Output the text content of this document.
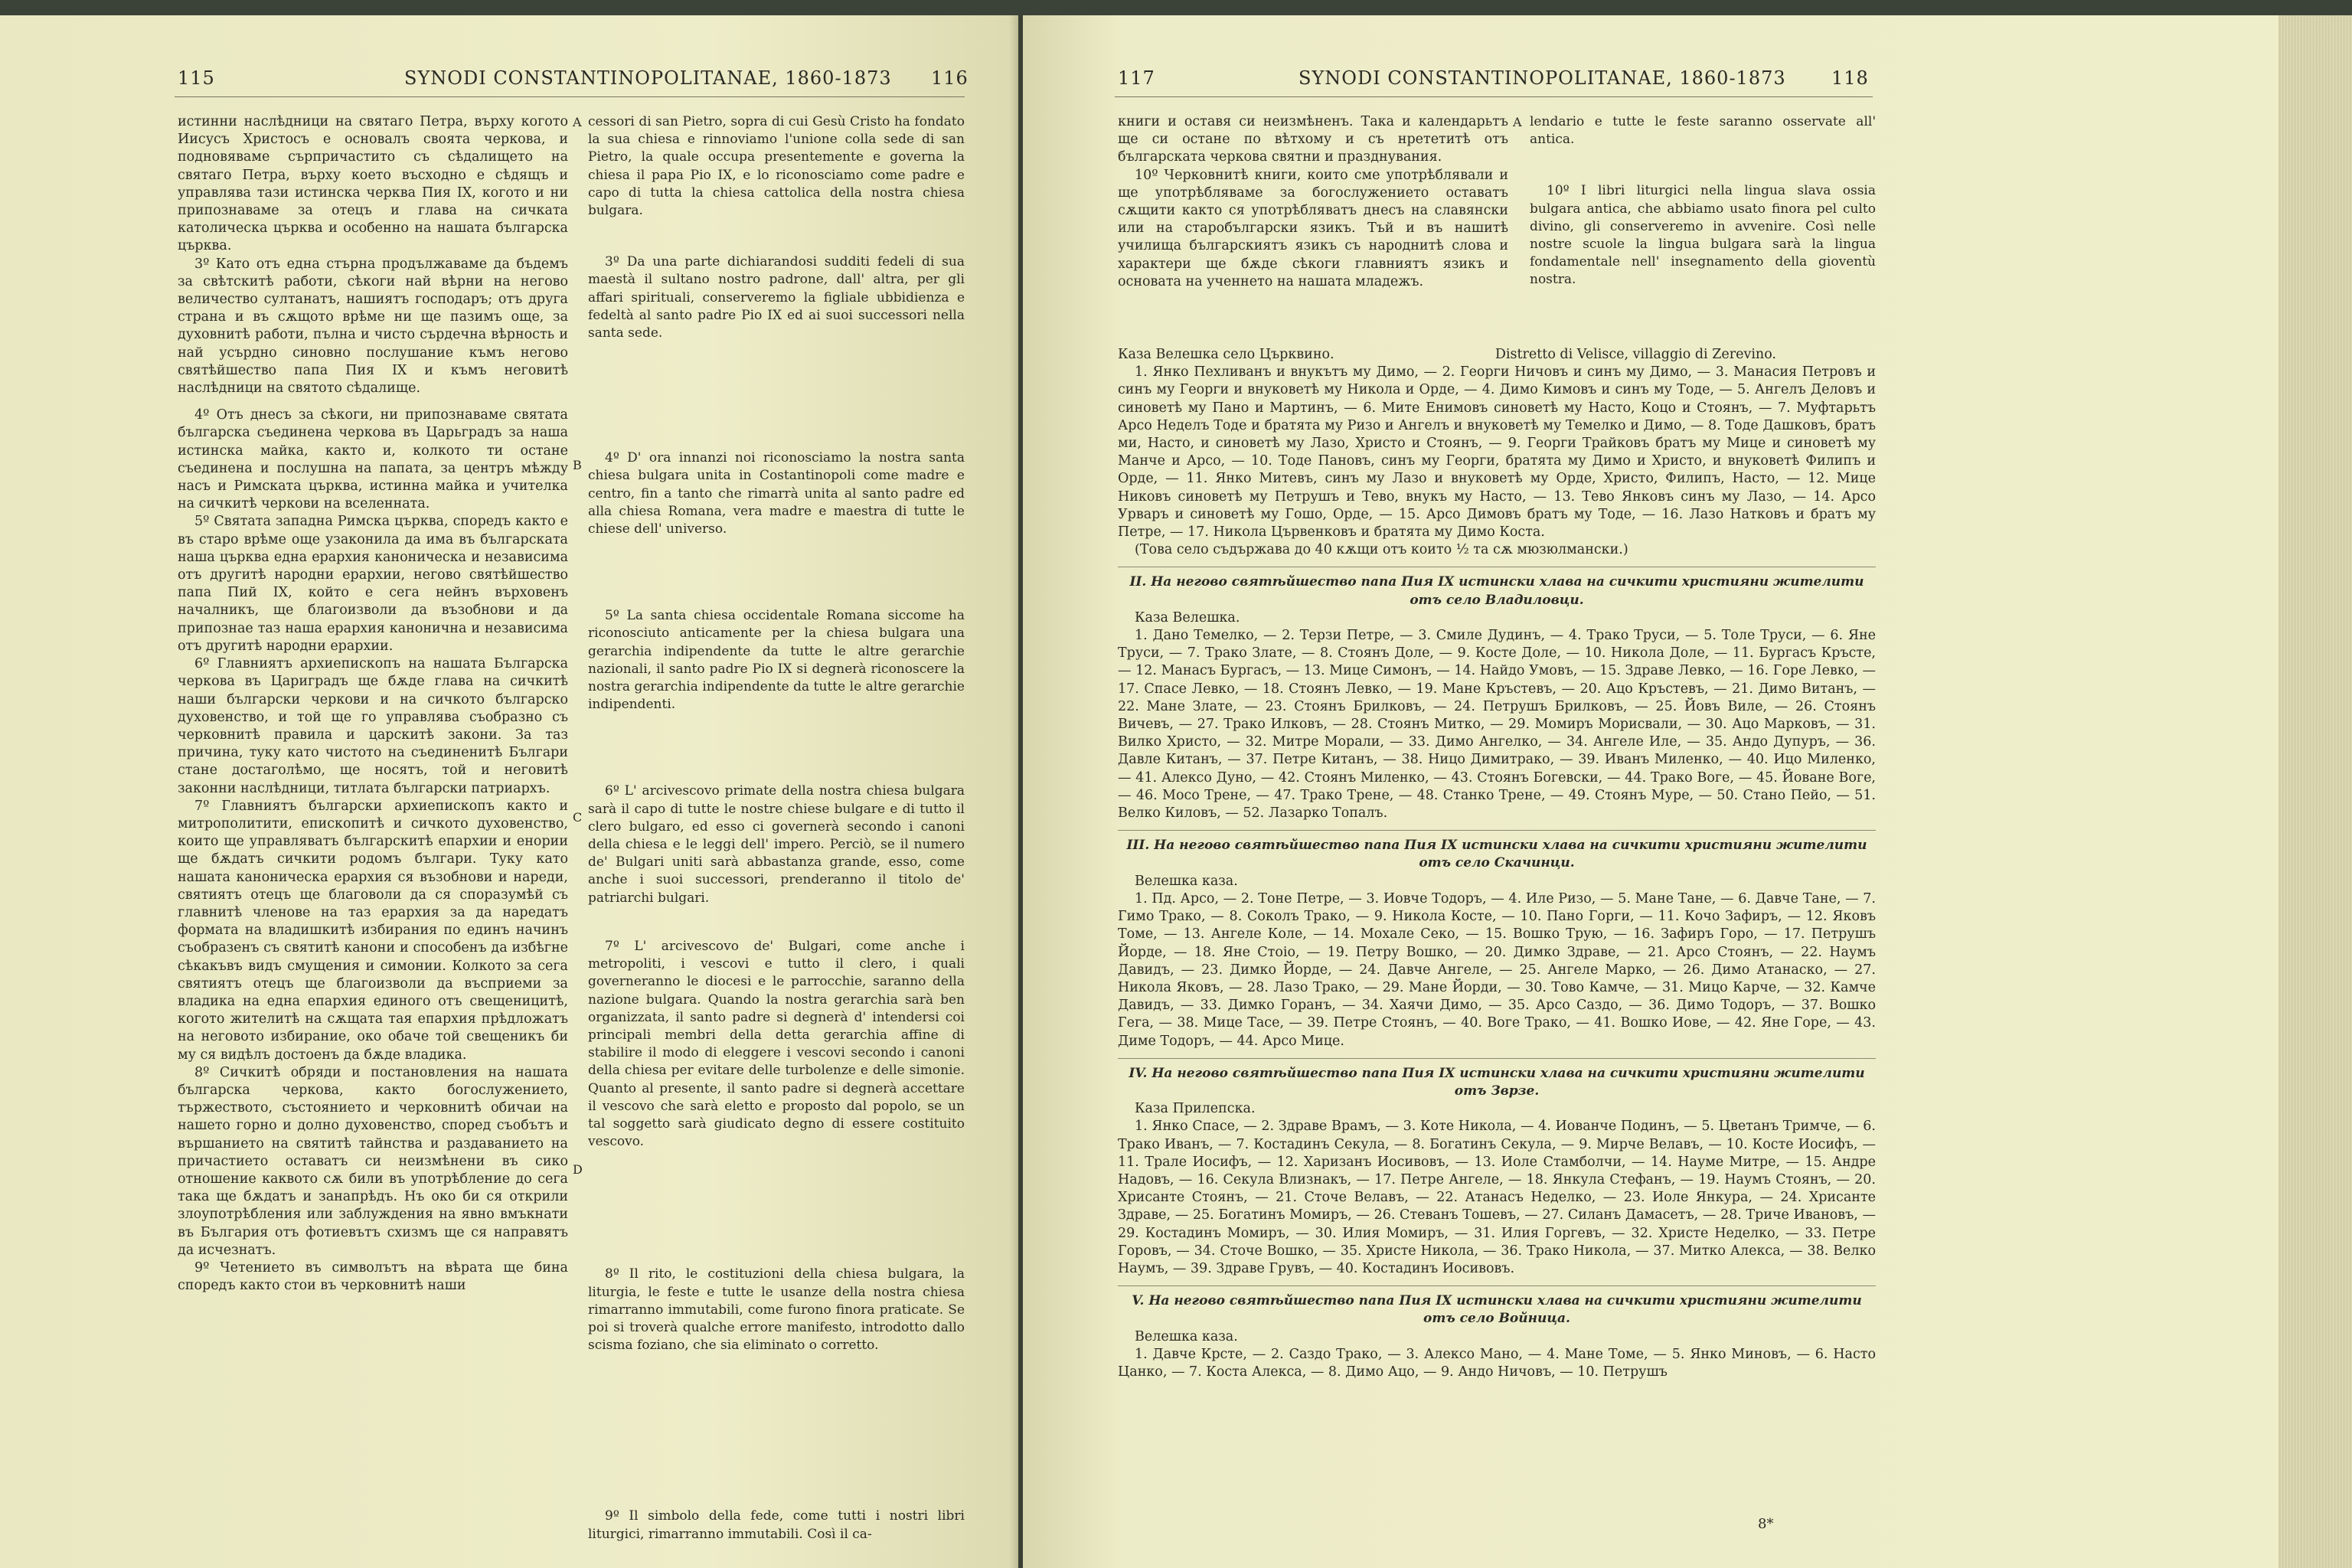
115	SYNODI CONSTANTINOPOLITANAE, 1860-1873 116

истинни наслѣдници на святаго Петра, върху когото Иисусъ Христосъ е основалъ своята черкова, и подновяваме сърпричастито съ сѣдалището на святаго Петра, върху което въсходно е сѣдящъ и управлява тази истинска черква Пия IX, когото и ни припознаваме за отецъ и глава на сичката католическа църква и особенно на нашата българска църква.

3º Като отъ една стърна продължаваме да бъдемъ за свѣтскитѣ работи, сѣкоги най вѣрни на негово величество султанатъ, нашиятъ господаръ; отъ друга страна и въ сѫщото врѣме ни ще пазимъ още, за духовнитѣ работи, пълна и чисто сърдечна вѣрность и най усърдно синовно послушание къмъ негово святѣйшество папа Пия IX и къмъ неговитѣ наслѣдници на святото сѣдалище.

4º Отъ днесъ за сѣкоги, ни припознаваме святата българска съединена черкова въ Царьградъ за наша истинска майка, както и, колкото ти остане съединена и послушна на папата, за центръ мѣжду насъ и Римската църква, истинна майка и учителка на сичкитѣ черкови на вселенната.

5º Святата западна Римска църква, споредъ както е въ старо врѣме още узаконила да има въ българската наша църква една ерархия каноническа и независима отъ другитѣ народни ерархии, негово святѣйшество папа Пий IX, който е сега нейнъ върховенъ началникъ, ще благоизволи да възобнови и да припознае таз наша ерархия канонична и независима отъ другитѣ народни ерархии.

6º Главниятъ архиепископъ на нашата Българска черкова въ Цариградъ ще бѫде глава на сичкитѣ наши български черкови и на сичкото българско духовенство, и той ще го управлява съобразно съ черковнитѣ правила и царскитѣ закони. За таз причина, туку като чистото на съединенитѣ Българи стане достаголѣмо, ще носятъ, той и неговитѣ законни наслѣдници, титлата български патриархъ.

7º Главниятъ български архиепископъ както и митрополитити, епископитѣ и сичкото духовенство, които ще управляватъ българскитѣ епархии и енории ще бѫдатъ сичкити родомъ българи. Туку като нашата каноническа ерархия ся възобнови и нареди, святиятъ отецъ ще благоволи да ся споразумѣй съ главнитѣ членове на таз ерархия за да наредатъ формата на владишкитѣ избирания по единъ начинъ съобразенъ съ святитѣ канони и способенъ да избѣгне сѣкакъвъ видъ смущения и симонии. Колкото за сега святиятъ отецъ ще благоизволи да въсприеми за владика на една епархия единого отъ свещеницитѣ, когото жителитѣ на сѫщата тая епархия прѣдложатъ на неговото избирание, око обаче той свещеникъ би му ся видѣлъ достоенъ да бѫде владика.

8º Сичкитѣ обряди и постановления на нашата българска черкова, както богослужението, тържеството, състоянието и черковнитѣ обичаи на нашето горно и долно духовенство, според съобътъ и вършанието на святитѣ тайнства и раздаванието на причастието оставатъ си неизмѣнени въ сико отношение каквото сѫ били въ употрѣбление до сега така ще бѫдатъ и занапрѣдъ. Нъ око би ся открили злоупотрѣбления или заблуждения на явно вмъкнати въ България отъ фотиевътъ схизмъ ще ся направятъ да исчезнатъ.

9º Четението въ символътъ на вѣрата ще бина споредъ както стои въ черковнитѣ наши

A
B
C
D

cessori di san Pietro, sopra di cui Gesù Cristo ha fondato la sua chiesa e rinnoviamo l'unione colla sede di san Pietro, la quale occupa presentemente e governa la chiesa il papa Pio IX, e lo riconosciamo come padre e capo di tutta la chiesa cattolica della nostra chiesa bulgara.

3º Da una parte dichiarandosi sudditi fedeli di sua maestà il sultano nostro padrone, dall' altra, per gli affari spirituali, conserveremo la figliale ubbidienza e fedeltà al santo padre Pio IX ed ai suoi successori nella santa sede.

4º D' ora innanzi noi riconosciamo la nostra santa chiesa bulgara unita in Costantinopoli come madre e centro, fin a tanto che rimarrà unita al santo padre ed alla chiesa Romana, vera madre e maestra di tutte le chiese dell' universo.

5º La santa chiesa occidentale Romana siccome ha riconosciuto anticamente per la chiesa bulgara una gerarchia indipendente da tutte le altre gerarchie nazionali, il santo padre Pio IX si degnerà riconoscere la nostra gerarchia indipendente da tutte le altre gerarchie indipendenti.

6º L' arcivescovo primate della nostra chiesa bulgara sarà il capo di tutte le nostre chiese bulgare e di tutto il clero bulgaro, ed esso ci governerà secondo i canoni della chiesa e le leggi dell' impero. Perciò, se il numero de' Bulgari uniti sarà abbastanza grande, esso, come anche i suoi successori, prenderanno il titolo de' patriarchi bulgari.

7º L' arcivescovo de' Bulgari, come anche i metropoliti, i vescovi e tutto il clero, i quali governeranno le diocesi e le parrocchie, saranno della nazione bulgara. Quando la nostra gerarchia sarà ben organizzata, il santo padre si degnerà d' intendersi coi principali membri della detta gerarchia affine di stabilire il modo di eleggere i vescovi secondo i canoni della chiesa per evitare delle turbolenze e delle simonie. Quanto al presente, il santo padre si degnerà accettare il vescovo che sarà eletto e proposto dal popolo, se un tal soggetto sarà giudicato degno di essere costituito vescovo.

8º Il rito, le costituzioni della chiesa bulgara, la liturgia, le feste e tutte le usanze della nostra chiesa rimarranno immutabili, come furono finora praticate. Se poi si troverà qualche errore manifesto, introdotto dallo scisma foziano, che sia eliminato o corretto.

9º Il simbolo della fede, come tutti i nostri libri liturgici, rimarranno immutabili. Così il ca-

117	SYNODI CONSTANTINOPOLITANAE, 1860-1873 118

книги и оставя си неизмѣненъ. Така и календарьтъ ще си остане по вѣтхому и съ нрететитѣ отъ българската черкова святни и празднувания.

10º Черковнитѣ книги, които сме употрѣблявали и ще употрѣбляваме за богослужението оставатъ сѫщити както ся употрѣбляватъ днесъ на славянски или на старобългарски язикъ. Тъй и въ нашитѣ училища българскиятъ язикъ съ народнитѣ слова и характери ще бѫде сѣкоги главниятъ язикъ и основата на ученнето на нашата младежъ.

A lendario e tutte le feste saranno osservate all' antica.

10º I libri liturgici nella lingua slava ossia bulgara antica, che abbiamo usato finora pel culto divino, gli conserveremo in avvenire. Così nelle nostre scuole la lingua bulgara sarà la lingua fondamentale nell' insegnamento della gioventù nostra.

Каза Велешка село Църквино.	Distretto di Velisce, villaggio di Zerevino.

1. Янко Пехливанъ и внукътъ му Димо, — 2. Георги Ничовъ и синъ му Димо, — 3. Манасия Петровъ и синъ му Георги и внуковетѣ му Никола и Орде, — 4. Димо Кимовъ и синъ му Тоде, — 5. Ангелъ Деловъ и синоветѣ му Пано и Мартинъ, — 6. Мите Енимовъ синоветѣ му Насто, Коцо и Стоянъ, — 7. Муфтарьтъ Арсо Неделъ Тоде и братята му Ризо и Ангелъ и внуковетѣ му Темелко и Димо, — 8. Тоде Дашковъ, братъ ми, Насто, и синоветѣ му Лазо, Христо и Стоянъ, — 9. Георги Трайковъ братъ му Мице и синоветѣ му Манче и Арсо, — 10. Тоде Пановъ, синъ му Георги, братята му Димо и Христо, и внуковетѣ Филипъ и Орде, — 11. Янко Митевъ, синъ му Лазо и внуковетѣ му Орде, Христо, Филипъ, Насто, — 12. Мице Никовъ синоветѣ му Петрушъ и Тево, внукъ му Насто, — 13. Тево Янковъ синъ му Лазо, — 14. Арсо Урваръ и синоветѣ му Гошо, Орде, — 15. Арсо Димовъ братъ му Тоде, — 16. Лазо Натковъ и братъ му Петре, — 17. Никола Цървенковъ и братята му Димо Коста.

(Това село съдържава до 40 кѫщи отъ които ½ та сѫ мюзюлмански.)

II. На негово святѣйшество папа Пия IX истински хлава на сичкити християни жителити отъ село Владиловци.

Каза Велешка.

1. Дано Темелко, — 2. Терзи Петре, — 3. Смиле Дудинъ, — 4. Трако Труси, — 5. Толе Труси, — 6. Яне Труси, — 7. Трако Злате, — 8. Стоянъ Доле, — 9. Косте Доле, — 10. Никола Доле, — 11. Бургасъ Кръсте, — 12. Манасъ Бургасъ, — 13. Мице Симонъ, — 14. Найдо Умовъ, — 15. Здраве Левко, — 16. Горе Левко, — 17. Спасе Левко, — 18. Стоянъ Левко, — 19. Мане Кръстевъ, — 20. Ацо Кръстевъ, — 21. Димо Витанъ, — 22. Мане Злате, — 23. Стоянъ Брилковъ, — 24. Петрушъ Брилковъ, — 25. Йовъ Виле, — 26. Стоянъ Вичевъ, — 27. Трако Илковъ, — 28. Стоянъ Митко, — 29. Момиръ Морисвали, — 30. Ацо Марковъ, — 31. Вилко Христо, — 32. Митре Морали, — 33. Димо Ангелко, — 34. Ангеле Иле, — 35. Андо Дупуръ, — 36. Давле Китанъ, — 37. Петре Китанъ, — 38. Ницо Димитрако, — 39. Иванъ Миленко, — 40. Ицо Миленко, — 41. Алексо Дуно, — 42. Стоянъ Миленко, — 43. Стоянъ Богевски, — 44. Трако Воге, — 45. Йоване Воге, — 46. Мосо Трене, — 47. Трако Трене, — 48. Станко Трене, — 49. Стоянъ Муре, — 50. Стано Пейо, — 51. Велко Киловъ, — 52. Лазарко Топалъ.

III. На негово святѣйшество папа Пия IX истински хлава на сичкити християни жителити отъ село Скачинци.

Велешка каза.

1. Пд. Арсо, — 2. Тоне Петре, — 3. Иовче Тодоръ, — 4. Иле Ризо, — 5. Мане Тане, — 6. Давче Тане, — 7. Гимо Трако, — 8. Соколъ Трако, — 9. Никола Косте, — 10. Пано Горги, — 11. Кочо Зафиръ, — 12. Яковъ Томе, — 13. Ангеле Коле, — 14. Мохале Секо, — 15. Вошко Трую, — 16. Зафиръ Горо, — 17. Петрушъ Йорде, — 18. Яне Стоіо, — 19. Петру Вошко, — 20. Димко Здраве, — 21. Арсо Стоянъ, — 22. Наумъ Давидъ, — 23. Димко Йорде, — 24. Давче Ангеле, — 25. Ангеле Марко, — 26. Димо Атанаско, — 27. Никола Яковъ, — 28. Лазо Трако, — 29. Мане Йорди, — 30. Тово Камче, — 31. Мицо Карче, — 32. Камче Давидъ, — 33. Димко Горанъ, — 34. Хаячи Димо, — 35. Арсо Саздо, — 36. Димо Тодоръ, — 37. Вошко Гега, — 38. Мице Тасе, — 39. Петре Стоянъ, — 40. Воге Трако, — 41. Вошко Иове, — 42. Яне Горе, — 43. Диме Тодоръ, — 44. Арсо Мице.

IV. На негово святѣйшество папа Пия IX истински хлава на сичкити християни жителити отъ Зврзе.

Каза Прилепска.

1. Янко Спасе, — 2. Здраве Врамъ, — 3. Коте Никола, — 4. Иованче Подинъ, — 5. Цветанъ Тримче, — 6. Трако Иванъ, — 7. Костадинъ Секула, — 8. Богатинъ Секула, — 9. Мирче Велавъ, — 10. Косте Иосифъ, — 11. Трале Иосифъ, — 12. Харизанъ Иосивовъ, — 13. Иоле Стамболчи, — 14. Науме Митре, — 15. Андре Надовъ, — 16. Секула Влизнакъ, — 17. Петре Ангеле, — 18. Янкула Стефанъ, — 19. Наумъ Стоянъ, — 20. Хрисанте Стоянъ, — 21. Сточе Велавъ, — 22. Атанасъ Неделко, — 23. Иоле Янкура, — 24. Хрисанте Здраве, — 25. Богатинъ Момиръ, — 26. Стеванъ Тошевъ, — 27. Силанъ Дамасетъ, — 28. Триче Ивановъ, — 29. Костадинъ Момиръ, — 30. Илия Момиръ, — 31. Илия Горгевъ, — 32. Христе Неделко, — 33. Петре Горовъ, — 34. Сточе Вошко, — 35. Христе Никола, — 36. Трако Никола, — 37. Митко Алекса, — 38. Велко Наумъ, — 39. Здраве Грувъ, — 40. Костадинъ Иосивовъ.

V. На негово святѣйшество папа Пия IX истински хлава на сичкити християни жителити отъ село Войница.

Велешка каза.

1. Давче Крсте, — 2. Саздо Трако, — 3. Алексо Мано, — 4. Мане Томе, — 5. Янко Миновъ, — 6. Насто Цанко, — 7. Коста Алекса, — 8. Димо Ацо, — 9. Андо Ничовъ, — 10. Петрушъ

8*
